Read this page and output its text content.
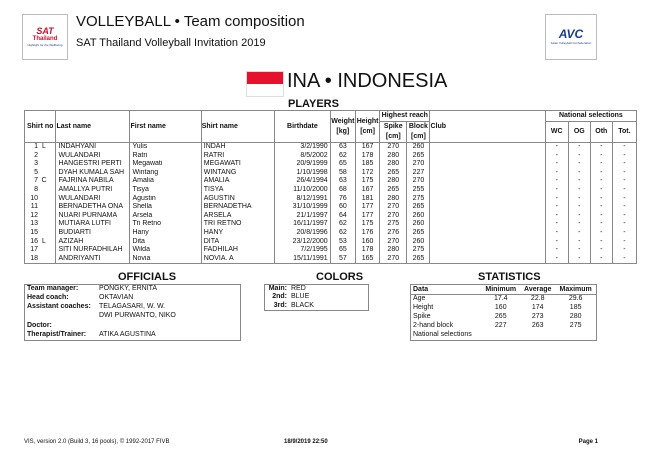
SAT
Thailand
Highlight for the Wellbeing
VOLLEYBALL • Team composition
SAT Thailand Volleyball Invitation 2019
AVC
Asian Volleyball Confederation
INA • INDONESIA
PLAYERS
Shirt no	Last name	First name	Shirt name	Birthdate	Weight [kg]	Height [cm]	Highest reach		Club	National selections			
							Spike [cm]	Block [cm]		WC	OG	Oth	Tot.
1 L	INDAHYANI	Yulis	INDAH	3/2/1990	63	167	270	260		-	-	-	-
2	WULANDARI	Ratri	RATRI	8/5/2002	62	178	280	265		-	-	-	-
3	HANGESTRI PERTI	Megawati	MEGAWATI	20/9/1999	65	185	280	270		-	-	-	-
5	DYAH KUMALA SAH	Wintang	WINTANG	1/10/1998	58	172	265	227		-	-	-	-
7 C	FAJRINA NABILA	Amalia	AMALIA	26/4/1994	63	175	280	270		-	-	-	-
8	AMALLYA PUTRI	Tisya	TISYA	11/10/2000	68	167	265	255		-	-	-	-
10	WULANDARI	Agustin	AGUSTIN	8/12/1991	76	181	280	275		-	-	-	-
11	BERNADETHA ONA	Shella	BERNADETHA	31/10/1999	60	177	270	265		-	-	-	-
12	NUARI PURNAMA	Arsela	ARSELA	21/1/1997	64	177	270	260		-	-	-	-
13	MUTIARA LUTFI	Tri Retno	TRI RETNO	16/11/1997	62	175	275	260		-	-	-	-
15	BUDIARTI	Hany	HANY	20/8/1996	62	176	276	265		-	-	-	-
16 L	AZIZAH	Dita	DITA	23/12/2000	53	160	270	260		-	-	-	-
17	SITI NURFADHILAH	Wilda	FADHILAH	7/2/1995	65	178	280	275		-	-	-	-
18	ANDRIYANTI	Novia	NOVIA. A	15/11/1991	57	165	270	265		-	-	-	-
OFFICIALS
Team manager:	PONGKY, ERNITA
Head coach:	OKTAVIAN
Assistant coaches:	TELAGASARI, W. W.
	DWI PURWANTO, NIKO
Doctor:	
Therapist/Trainer:	ATIKA AGUSTINA
COLORS
Main:	RED
2nd:	BLUE
3rd:	BLACK
STATISTICS
Data	Minimum	Average	Maximum
Age	17.4	22.8	29.6
Height	160	174	185
Spike	265	273	280
2-hand block	227	263	275
National selections			
VIS, version 2.0 (Build 3, 16 pools), © 1992-2017 FIVB	18/9/2019 22:50	Page 1
